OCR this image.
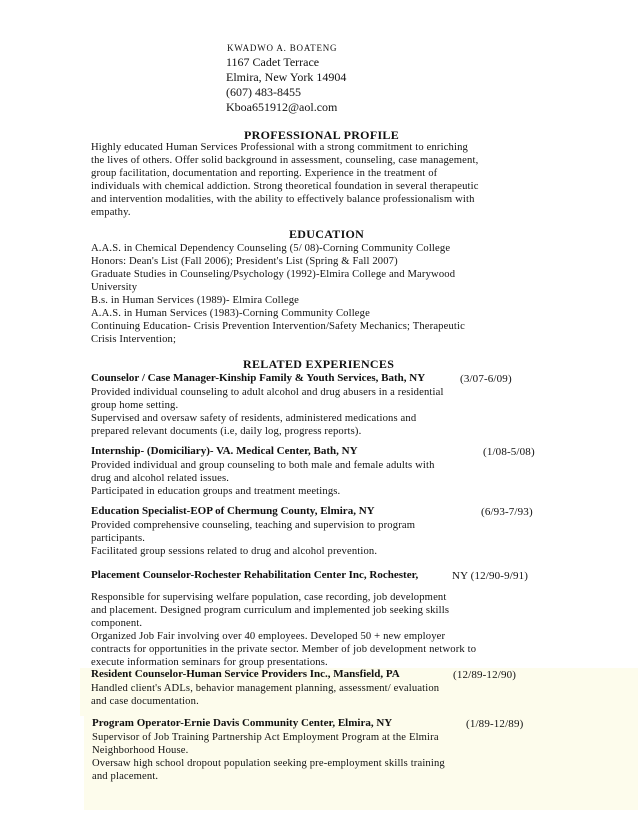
KWADWO A. BOATENG
1167 Cadet Terrace
Elmira, New York 14904
(607) 483-8455
Kboa651912@aol.com
PROFESSIONAL PROFILE
Highly educated Human Services Professional with a strong commitment to enriching
the lives of others. Offer solid background in assessment, counseling, case management,
group facilitation, documentation and reporting. Experience in the treatment of
individuals with chemical addiction. Strong theoretical foundation in several therapeutic
and intervention modalities, with the ability to effectively balance professionalism with
empathy.
EDUCATION
A.A.S. in Chemical Dependency Counseling (5/ 08)-Corning Community College
Honors: Dean's List (Fall 2006); President's List (Spring & Fall 2007)
Graduate Studies in Counseling/Psychology (1992)-Elmira College and Marywood
University
B.s. in Human Services (1989)- Elmira College
A.A.S. in Human Services (1983)-Corning Community College
Continuing Education- Crisis Prevention Intervention/Safety Mechanics; Therapeutic
Crisis Intervention;
RELATED EXPERIENCES
Counselor / Case Manager-Kinship Family & Youth Services, Bath, NY	(3/07-6/09)
Provided individual counseling to adult alcohol and drug abusers in a residential
group home setting.
Supervised and oversaw safety of residents, administered medications and
prepared relevant documents (i.e, daily log, progress reports).
Internship- (Domiciliary)- VA. Medical Center, Bath, NY	(1/08-5/08)
Provided individual and group counseling to both male and female adults with
drug and alcohol related issues.
Participated in education groups and treatment meetings.
Education Specialist-EOP of Chermung County, Elmira, NY	(6/93-7/93)
Provided comprehensive counseling, teaching and supervision to program
participants.
Facilitated group sessions related to drug and alcohol prevention.
Placement Counselor-Rochester Rehabilitation Center Inc, Rochester,	NY (12/90-9/91)
Responsible for supervising welfare population, case recording, job development
and placement. Designed program curriculum and implemented job seeking skills
component.
Organized Job Fair involving over 40 employees. Developed 50 + new employer
contracts for opportunities in the private sector. Member of job development network to
execute information seminars for group presentations.
Resident Counselor-Human Service Providers Inc., Mansfield, PA	(12/89-12/90)
Handled client's ADLs, behavior management planning, assessment/ evaluation
and case documentation.
Program Operator-Ernie Davis Community Center, Elmira, NY	(1/89-12/89)
Supervisor of Job Training Partnership Act Employment Program at the Elmira
Neighborhood House.
Oversaw high school dropout population seeking pre-employment skills training
and placement.
